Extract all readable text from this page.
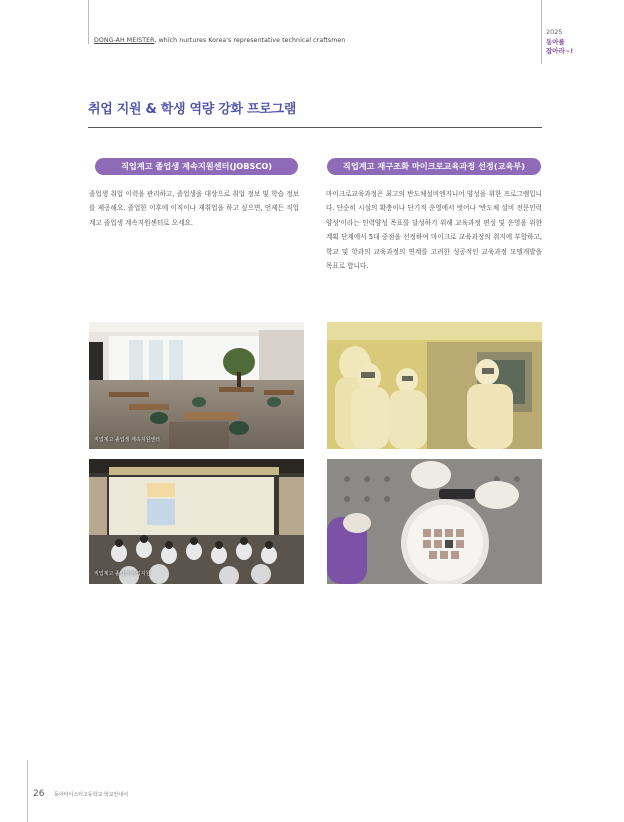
DONG-AH MEISTER, which nurtures Korea's representative technical craftsmen
2025
동아를
잡아라~!
취업 지원 & 학생 역량 강화 프로그램
직업계고 졸업생 계속지원센터(JOBSCO)	직업계고 재구조화 마이크로교육과정 선정(교육부)
졸업생 취업 이력을 관리하고, 졸업생을 대상으로 취업 정보 및 학습 정보를 제공해요. 졸업한 이후에 이직이나 재취업을 하고 싶으면, 언제든 직업계고 졸업생 계속지원센터로 오세요.
마이크로교육과정은 최고의 반도체설비엔지니어 양성을 위한 프로그램입니다. 단순히 시설의 확충이나 단기적 운영에서 벗어나 '반도체 설비 전문인력양성'이라는 인력양성 목표를 달성하기 위해 교육과정 편성 및 운영을 위한 계획 단계에서 5대 중점을 선정하여 마이크로 교육과정의 취지에 부합하고, 학교 및 학과의 교육과정의 연계를 고려한 성공적인 교육과정 모델개발을 목표로 합니다.
직업계고 졸업생 계속지원센터
직업계고 졸업생 취업지원
26 동아마이스터고등학교 학교안내서
